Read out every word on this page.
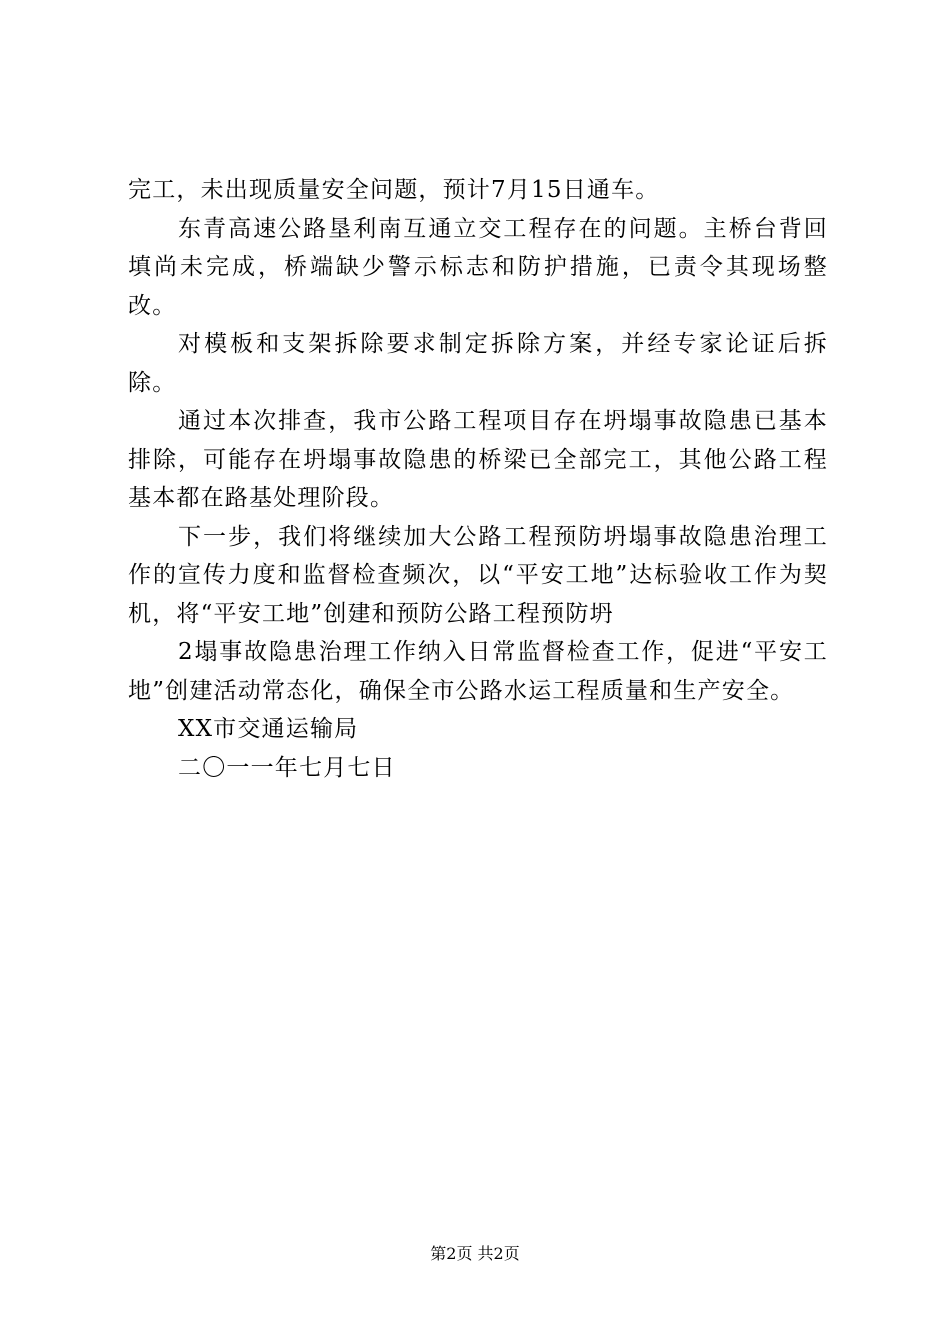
完工，未出现质量安全问题，预计7月15日通车。

东青高速公路垦利南互通立交工程存在的问题。主桥台背回填尚未完成，桥端缺少警示标志和防护措施，已责令其现场整改。

对模板和支架拆除要求制定拆除方案，并经专家论证后拆除。

通过本次排查，我市公路工程项目存在坍塌事故隐患已基本排除，可能存在坍塌事故隐患的桥梁已全部完工，其他公路工程基本都在路基处理阶段。

下一步，我们将继续加大公路工程预防坍塌事故隐患治理工作的宣传力度和监督检查频次，以“平安工地”达标验收工作为契机，将“平安工地”创建和预防公路工程预防坍

2塌事故隐患治理工作纳入日常监督检查工作，促进“平安工地”创建活动常态化，确保全市公路水运工程质量和生产安全。

XX市交通运输局

二〇一一年七月七日

第2页 共2页
